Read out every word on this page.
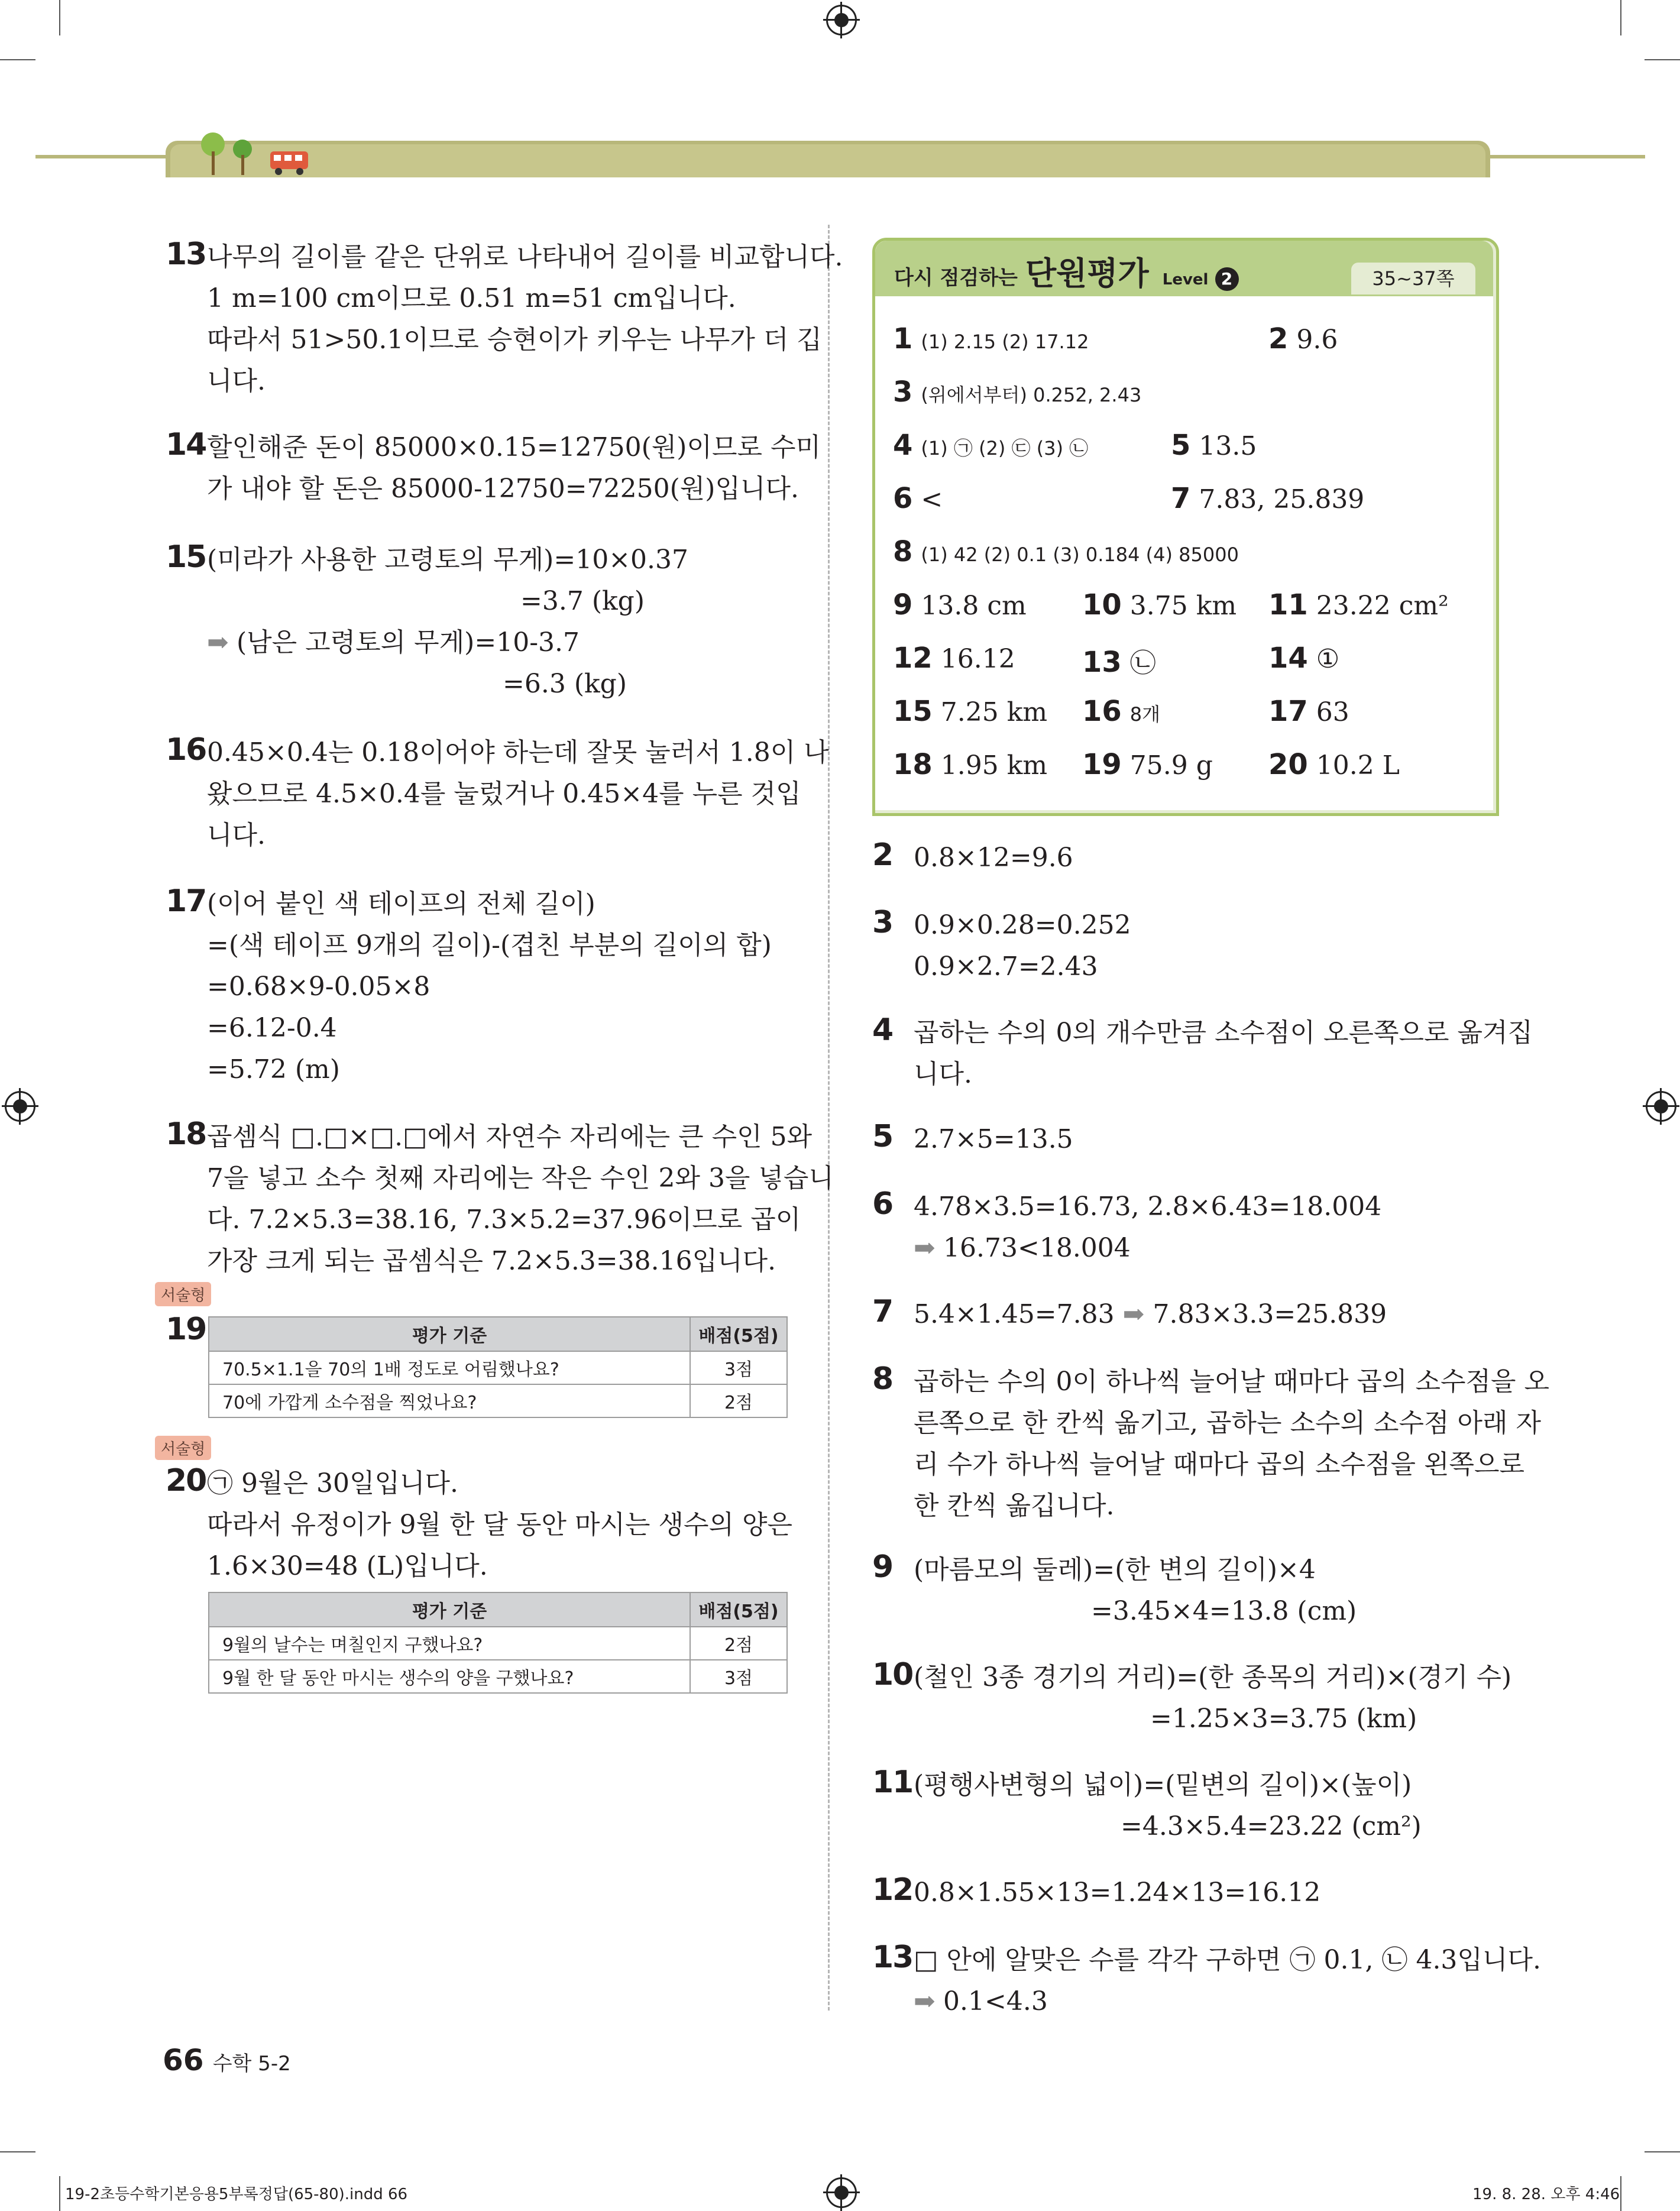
13 나무의 길이를 같은 단위로 나타내어 길이를 비교합니다.
1 m=100 cm이므로 0.51 m=51 cm입니다.
따라서 51>50.1이므로 승현이가 키우는 나무가 더 깁
니다.
14 할인해준 돈이 85000×0.15=12750(원)이므로 수미
가 내야 할 돈은 85000-12750=72250(원)입니다.
15 (미라가 사용한 고령토의 무게)=10×0.37
=3.7 (kg)
➡ (남은 고령토의 무게)=10-3.7
=6.3 (kg)
16 0.45×0.4는 0.18이어야 하는데 잘못 눌러서 1.8이 나
왔으므로 4.5×0.4를 눌렀거나 0.45×4를 누른 것입
니다.
17 (이어 붙인 색 테이프의 전체 길이)
=(색 테이프 9개의 길이)-(겹친 부분의 길이의 합)
=0.68×9-0.05×8
=6.12-0.4
=5.72 (m)
18 곱셈식 □.□×□.□에서 자연수 자리에는 큰 수인 5와
7을 넣고 소수 첫째 자리에는 작은 수인 2와 3을 넣습니
다. 7.2×5.3=38.16, 7.3×5.2=37.96이므로 곱이
가장 크게 되는 곱셈식은 7.2×5.3=38.16입니다.
서술형
19	평가 기준	배점(5점)
70.5×1.1을 70의 1배 정도로 어림했나요?	3점
70에 가깝게 소수점을 찍었나요?	2점
서술형
20 ㉠ 9월은 30일입니다.
따라서 유정이가 9월 한 달 동안 마시는 생수의 양은
1.6×30=48 (L)입니다.
평가 기준	배점(5점)
9월의 날수는 며칠인지 구했나요?	2점
9월 한 달 동안 마시는 생수의 양을 구했나요?	3점
다시 점검하는 단원평가 Level 2	35~37쪽
1 (1) 2.15 (2) 17.12	2 9.6
3 (위에서부터) 0.252, 2.43
4 (1) ㉠ (2) ㉢ (3) ㉡	5 13.5
6 <	7 7.83, 25.839
8 (1) 42 (2) 0.1 (3) 0.184 (4) 85000
9 13.8 cm 10 3.75 km 11 23.22 cm²
12 16.12 13 ㉡	14 ①
15 7.25 km 16 8개	17 63
18 1.95 km 19 75.9 g 20 10.2 L
2 0.8×12=9.6
3 0.9×0.28=0.252
0.9×2.7=2.43
4 곱하는 수의 0의 개수만큼 소수점이 오른쪽으로 옮겨집
니다.
5 2.7×5=13.5
6 4.78×3.5=16.73, 2.8×6.43=18.004
➡ 16.73<18.004
7 5.4×1.45=7.83 ➡ 7.83×3.3=25.839
8 곱하는 수의 0이 하나씩 늘어날 때마다 곱의 소수점을 오
른쪽으로 한 칸씩 옮기고, 곱하는 소수의 소수점 아래 자
리 수가 하나씩 늘어날 때마다 곱의 소수점을 왼쪽으로
한 칸씩 옮깁니다.
9 (마름모의 둘레)=(한 변의 길이)×4
=3.45×4=13.8 (cm)
10 (철인 3종 경기의 거리)=(한 종목의 거리)×(경기 수)
=1.25×3=3.75 (km)
11 (평행사변형의 넓이)=(밑변의 길이)×(높이)
=4.3×5.4=23.22 (cm²)
12 0.8×1.55×13=1.24×13=16.12
13 □ 안에 알맞은 수를 각각 구하면 ㉠ 0.1, ㉡ 4.3입니다.
➡ 0.1<4.3
66 수학 5-2
19-2초등수학기본응용5부록정답(65-80).indd 66	19. 8. 28. 오후 4:46
